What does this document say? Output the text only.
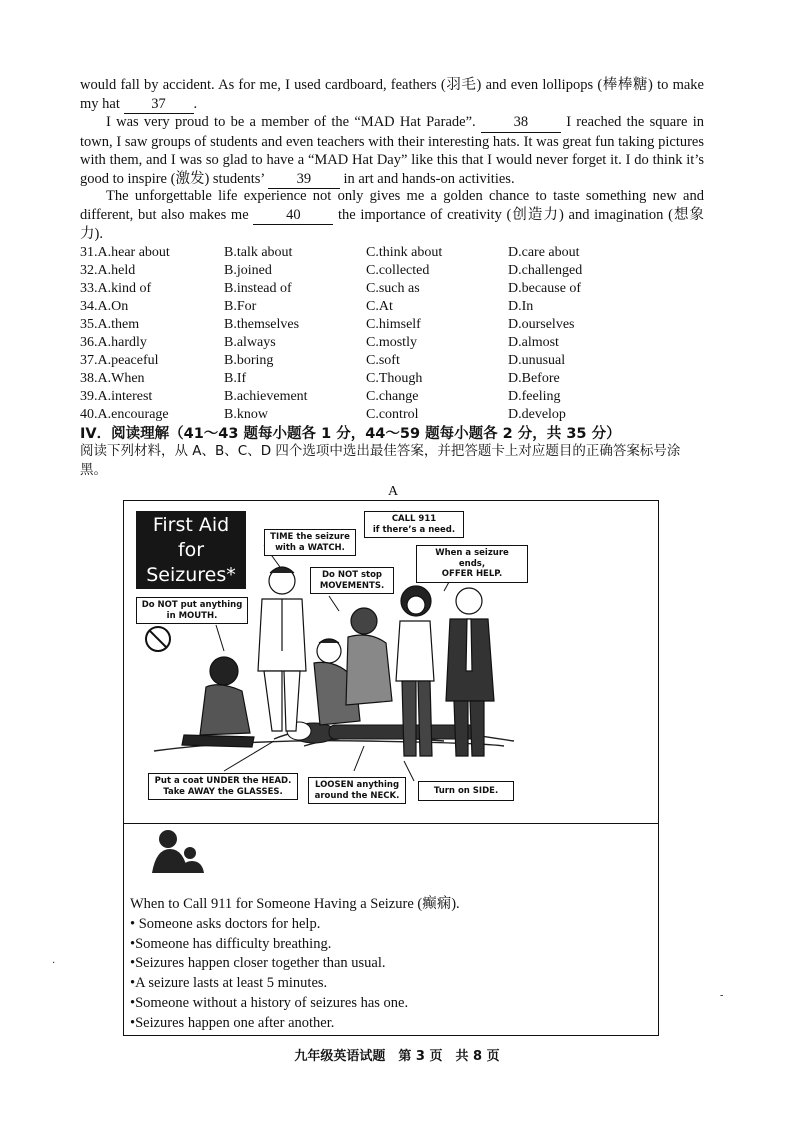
would fall by accident. As for me, I used cardboard, feathers (羽毛) and even lollipops (棒棒糖) to make my hat 37 .
I was very proud to be a member of the “MAD Hat Parade”.	38	I reached the square in town, I saw groups of students and even teachers with their interesting hats. It was great fun taking pictures with them, and I was so glad to have a “MAD Hat Day” like this that I would never forget it. I do think it’s good to inspire (激发) students’ 39 in art and hands-on activities.
The unforgettable life experience not only gives me a golden chance to taste something new and different, but also makes me	40	the importance of creativity (创造力) and imagination (想象力).
31.A.hear about	B.talk about	C.think about	D.care about
32.A.held	B.joined	C.collected	D.challenged
33.A.kind of	B.instead of	C.such as	D.because of
34.A.On	B.For	C.At	D.In
35.A.them	B.themselves	C.himself	D.ourselves
36.A.hardly	B.always	C.mostly	D.almost
37.A.peaceful	B.boring	C.soft	D.unusual
38.A.When	B.If	C.Though	D.Before
39.A.interest	B.achievement	C.change	D.feeling
40.A.encourage	B.know	C.control	D.develop
IV．阅读理解（41～43 题每小题各 1 分，44～59 题每小题各 2 分，共 35 分）
阅读下列材料，从 A、B、C、D 四个选项中选出最佳答案，并把答题卡上对应题目的正确答案标号涂黑。
A
First Aid
for
Seizures*
TIME the seizure
with a WATCH.
CALL 911
if there’s a need.
When a seizure ends,
OFFER HELP.
Do NOT stop
MOVEMENTS.
Do NOT put anything
in MOUTH.
Put a coat UNDER the HEAD.
Take AWAY the GLASSES.
LOOSEN anything
around the NECK.	Turn on SIDE.
When to Call 911 for Someone Having a Seizure (癫痫).
• Someone asks doctors for help.
•Someone has difficulty breathing.
•Seizures happen closer together than usual.
•A seizure lasts at least 5 minutes.
•Someone without a history of seizures has one.
•Seizures happen one after another.
·
-
九年级英语试题　第 3 页　共 8 页
